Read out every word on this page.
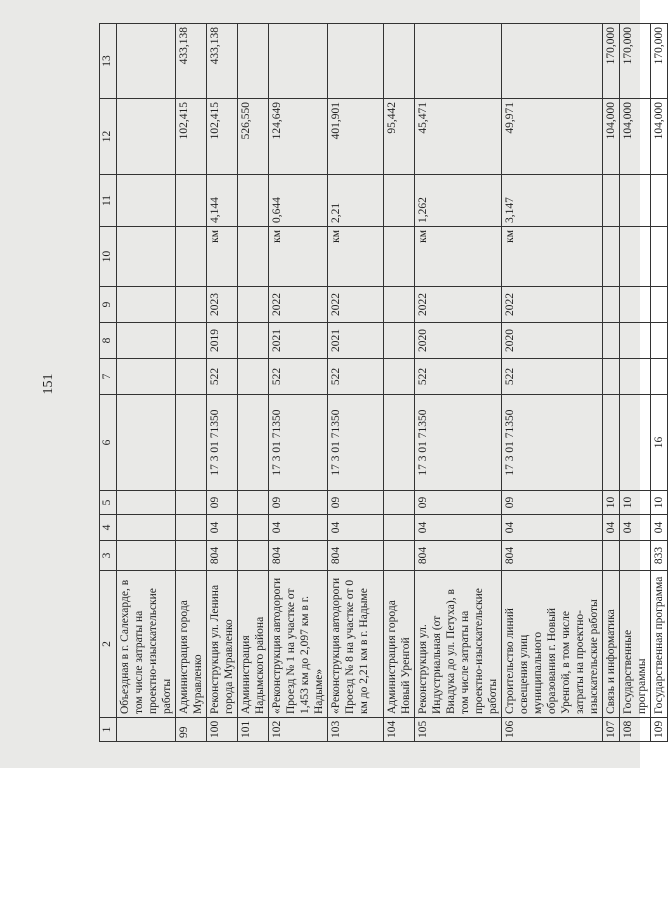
151
1	2	3	4	5	6	7	8	9	10	11	12	13
	Объездная в г. Салехарде, в том числе затраты на проектно-изыскательские работы											
99	Администрация города Муравленко										102,415	433,138
100	Реконструкция ул. Ленина города Муравленко	804	04	09	17 3 01 71350	522	2019	2023	км	4,144	102,415	433,138
101	Администрация Надымского района										526,550	
102	«Реконструкция автодороги Проезд № 1 на участке от 1,453 км до 2,097 км в г. Надыме»	804	04	09	17 3 01 71350	522	2021	2022	км	0,644	124,649	
103	«Реконструкция автодороги Проезд № 8 на участке от 0 км до 2,21 км в г. Надыме	804	04	09	17 3 01 71350	522	2021	2022	км	2,21	401,901	
104	Администрация города Новый Уренгой										95,442	
105	Реконструкция ул. Индустриальная (от Виадука до ул. Петуха), в том числе затраты на проектно-изыскательские работы	804	04	09	17 3 01 71350	522	2020	2022	км	1,262	45,471	
106	Строительство линий освещения улиц муниципального образования г. Новый Уренгой, в том числе затраты на проектно-изыскательские работы	804	04	09	17 3 01 71350	522	2020	2022	км	3,147	49,971	
107	Связь и информатика		04	10							104,000	170,000
108	Государственные программы		04	10							104,000	170,000
109	Государственная программа	833	04	10	16						104,000	170,000
